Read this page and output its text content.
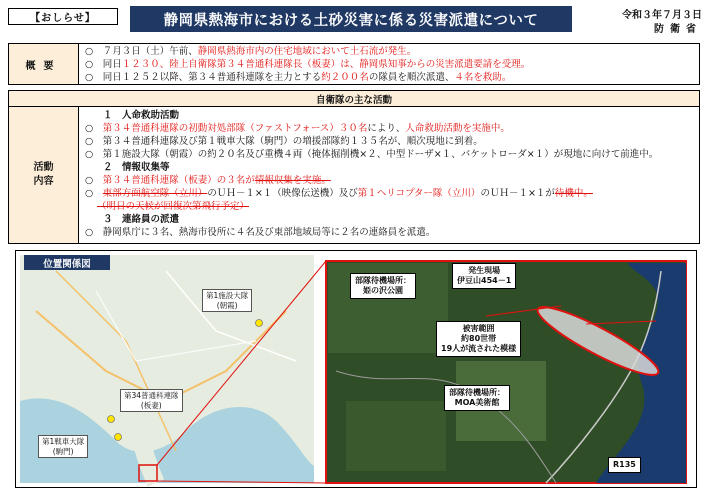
【おしらせ】	静岡県熱海市における土砂災害に係る災害派遣について	令和３年７月３日
防衛省
概要
○　７月３日（土）午前、静岡県熱海市内の住宅地域において土石流が発生。
○　同日１２３０、陸上自衛隊第３４普通科連隊長（板妻）は、静岡県知事からの災害派遣要請を受理。
○　同日１２５２以降、第３４普通科連隊を主力とする約２００名の隊員を順次派遣、４名を救助。
自衛隊の主な活動
活動
内容
１　人命救助活動
○　第３４普通科連隊の初動対処部隊（ファストフォース）３０名により、人命救助活動を実施中。
○　第３４普通科連隊及び第１戦車大隊（駒門）の増援部隊約１３５名が、順次現地に到着。
○　第１施設大隊（朝霞）の約２０名及び重機４両（掩体掘削機×２、中型ドーザ×１、バケットローダ×１）が現地に向けて前進中。
２　情報収集等
○　第３４普通科連隊（板妻）の３名が情報収集を実施。
○　東部方面航空隊（立川）のＵＨ－１×１（映像伝送機）及び第１ヘリコプター隊（立川）のＵＨ－１×１が待機中。
（明日の天候が回復次第飛行予定）
３　連絡員の派遣
○　静岡県庁に３名、熱海市役所に４名及び東部地域局等に２名の連絡員を派遣。
位置関係図
第1施設大隊
(朝霞)
第34普通科連隊
(板妻)
第1戦車大隊
(駒門)
部隊待機場所：
姫の沢公園
発生現場
伊豆山454－1
被害範囲
約80世帯
19人が流された模様
部隊待機場所：
MOA美術館
R135
